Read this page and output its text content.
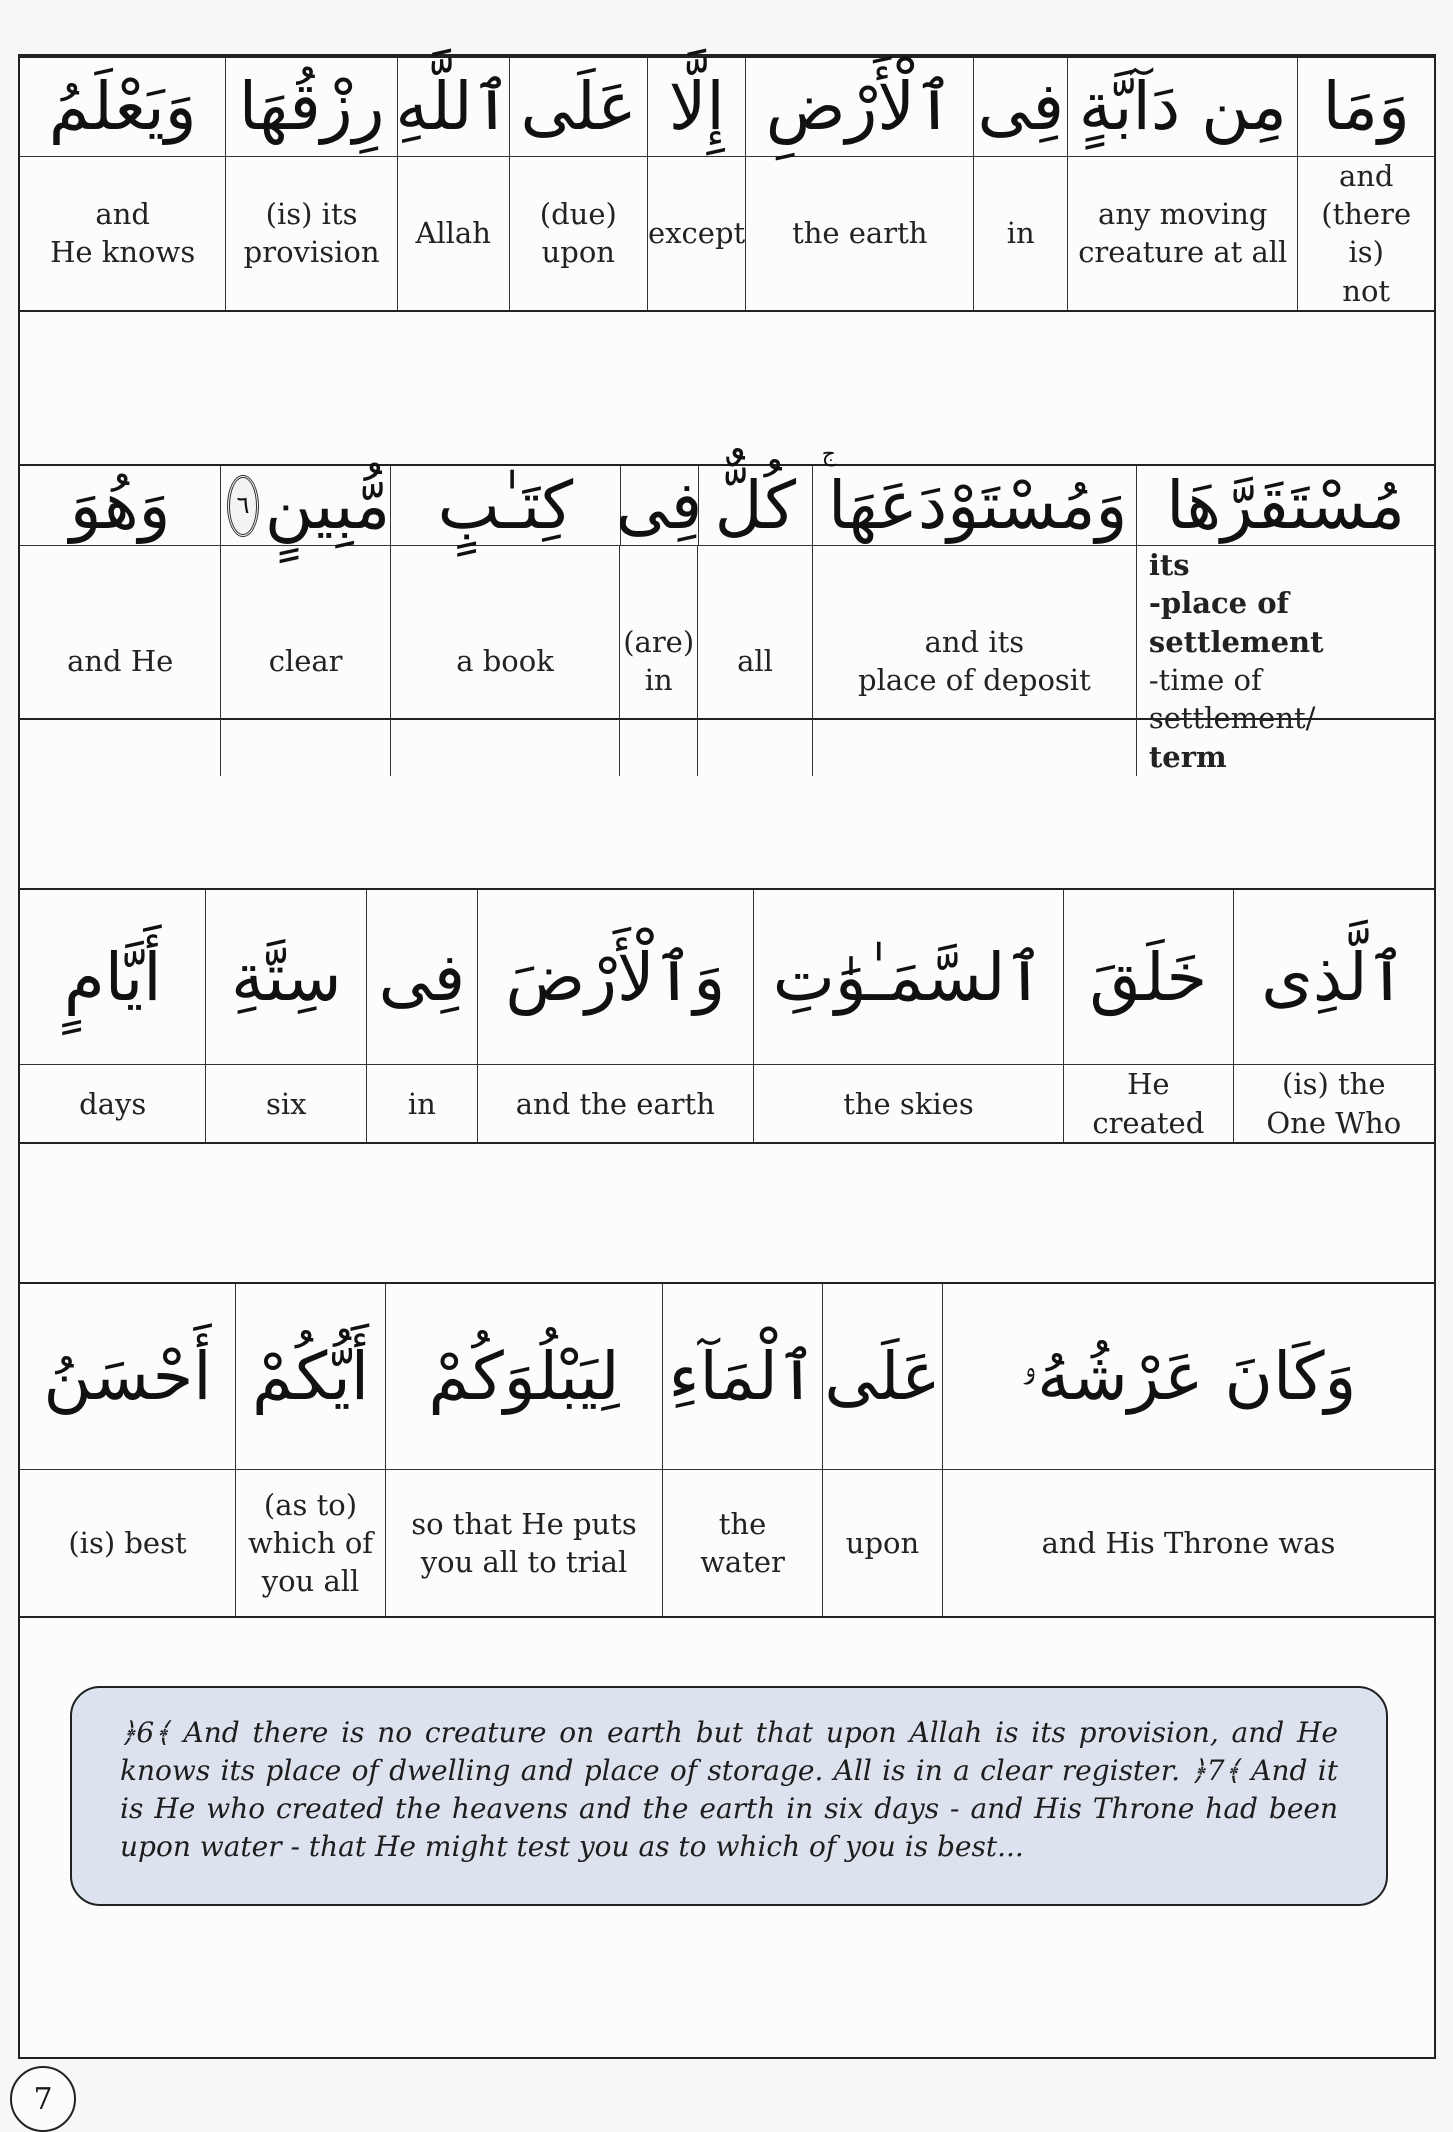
وَمَا
مِن دَآبَّةٍ
فِى
ٱلْأَرْضِ
إِلَّا
عَلَى
ٱللَّهِ
رِزْقُهَا
وَيَعْلَمُ
and
(there is)
not
any moving
creature at all
in
the earth
except
(due)
upon
Allah
(is) its
provision
and
He knows
مُسْتَقَرَّهَا
وَمُسْتَوْدَعَهَا
ج
كُلٌّ
فِى
كِتَـٰبٍ
مُّبِينٍ
٦
وَهُوَ
its
-place of settlement
-time of settlement/
term
and its
place of deposit
all
(are)
in
a book
clear
and He
ٱلَّذِى
خَلَقَ
ٱلسَّمَـٰوَٰتِ
وَٱلْأَرْضَ
فِى
سِتَّةِ
أَيَّامٍ
(is) the
One Who
He
created
the skies
and the earth
in
six
days
وَكَانَ عَرْشُهُۥ
عَلَى
ٱلْمَآءِ
لِيَبْلُوَكُمْ
أَيُّكُمْ
أَحْسَنُ
and His Throne was
upon
the
water
so that He puts
you all to trial
(as to)
which of
you all
(is) best
﴿6﴾ And there is no creature on earth but that upon Allah is its provision, and He knows its place of dwelling and place of storage. All is in a clear register. ﴿7﴾ And it is He who created the heavens and the earth in six days - and His Throne had been upon water - that He might test you as to which of you is best...
7
